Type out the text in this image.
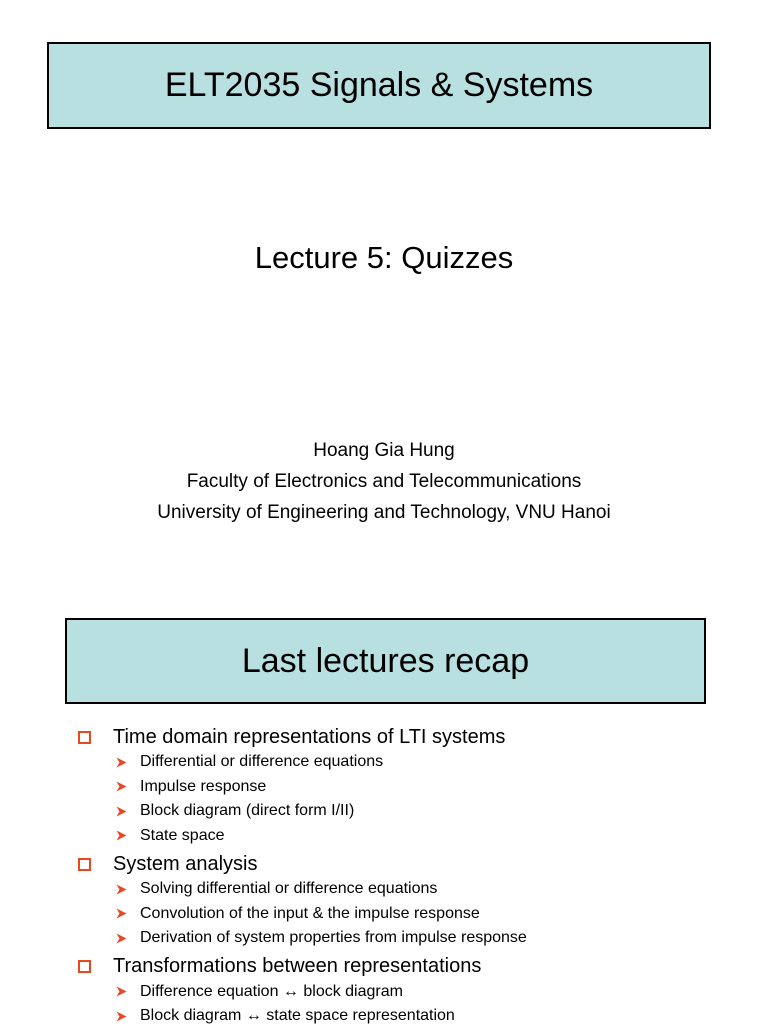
ELT2035 Signals & Systems
Lecture 5: Quizzes
Hoang Gia Hung
Faculty of Electronics and Telecommunications
University of Engineering and Technology, VNU Hanoi
Last lectures recap
Time domain representations of LTI systems
Differential or difference equations
Impulse response
Block diagram (direct form I/II)
State space
System analysis
Solving differential or difference equations
Convolution of the input & the impulse response
Derivation of system properties from impulse response
Transformations between representations
Difference equation ↔ block diagram
Block diagram ↔ state space representation
